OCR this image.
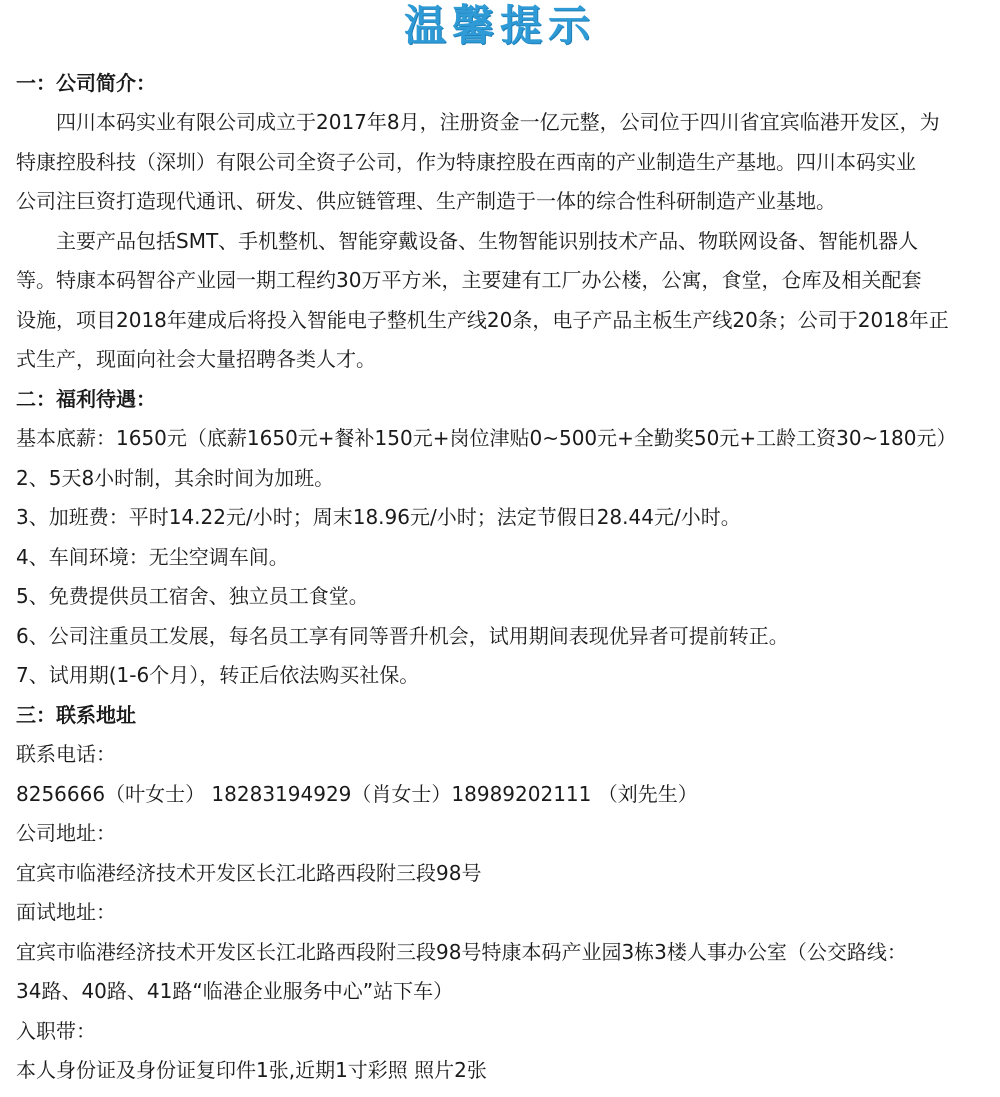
温馨提示
一：公司简介：
四川本码实业有限公司成立于2017年8月，注册资金一亿元整，公司位于四川省宜宾临港开发区，为
特康控股科技（深圳）有限公司全资子公司，作为特康控股在西南的产业制造生产基地。四川本码实业
公司注巨资打造现代通讯、研发、供应链管理、生产制造于一体的综合性科研制造产业基地。
主要产品包括SMT、手机整机、智能穿戴设备、生物智能识别技术产品、物联网设备、智能机器人
等。特康本码智谷产业园一期工程约30万平方米，主要建有工厂办公楼，公寓，食堂，仓库及相关配套
设施，项目2018年建成后将投入智能电子整机生产线20条，电子产品主板生产线20条；公司于2018年正
式生产，现面向社会大量招聘各类人才。
二：福利待遇：
基本底薪：1650元（底薪1650元+餐补150元+岗位津贴0~500元+全勤奖50元+工龄工资30~180元）
2、5天8小时制，其余时间为加班。
3、加班费：平时14.22元/小时；周末18.96元/小时；法定节假日28.44元/小时。
4、车间环境：无尘空调车间。
5、免费提供员工宿舍、独立员工食堂。
6、公司注重员工发展，每名员工享有同等晋升机会，试用期间表现优异者可提前转正。
7、试用期(1-6个月），转正后依法购买社保。
三：联系地址
联系电话：
8256666（叶女士） 18283194929（肖女士）18989202111 （刘先生）
公司地址：
宜宾市临港经济技术开发区长江北路西段附三段98号
面试地址：
宜宾市临港经济技术开发区长江北路西段附三段98号特康本码产业园3栋3楼人事办公室（公交路线：
34路、40路、41路“临港企业服务中心”站下车）
入职带：
本人身份证及身份证复印件1张,近期1寸彩照 照片2张
